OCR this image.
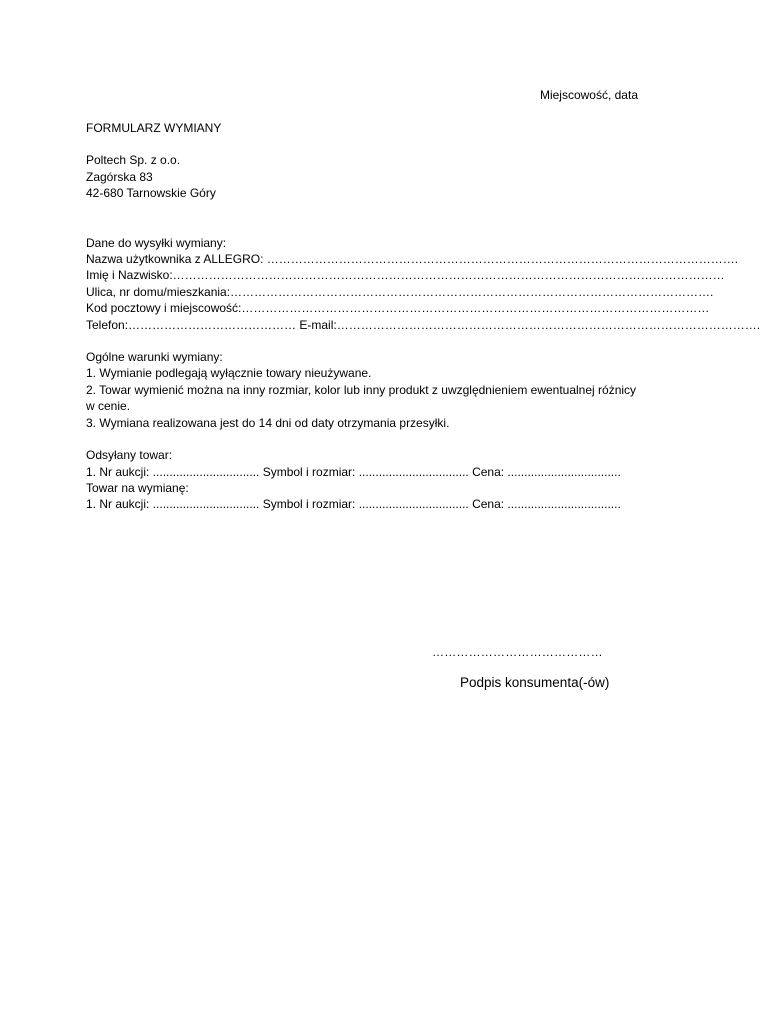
Miejscowość, data
FORMULARZ WYMIANY
Poltech Sp. z o.o.
Zagórska 83
42-680 Tarnowskie Góry
Dane do wysyłki wymiany:
Nazwa użytkownika z ALLEGRO: ……………………………………………………………………………………………………….
Imię i Nazwisko:…………………………………………………………………………………………………………………………
Ulica, nr domu/mieszkania:………………………………………………………………………………………………………….
Kod pocztowy i miejscowość:………………………………………………………………………………………………………
Telefon:…………………………………… E-mail:…………………………………………………………………………………………….
Ogólne warunki wymiany:
1. Wymianie podlegają wyłącznie towary nieużywane.
2. Towar wymienić można na inny rozmiar, kolor lub inny produkt z uwzględnieniem ewentualnej różnicy w cenie.
3. Wymiana realizowana jest do 14 dni od daty otrzymania przesyłki.
Odsyłany towar:
1. Nr aukcji: ................................ Symbol i rozmiar: ................................. Cena: ..................................
Towar na wymianę:
1. Nr aukcji: ................................ Symbol i rozmiar: ................................. Cena: ..................................
……………………………………
Podpis konsumenta(-ów)
